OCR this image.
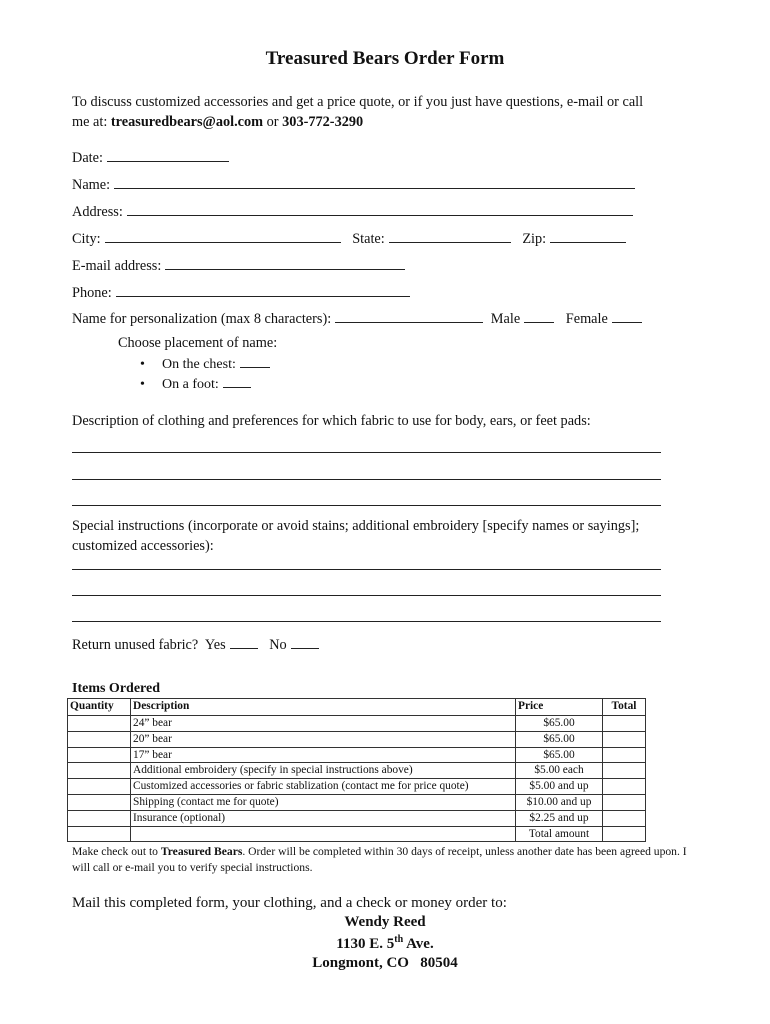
Treasured Bears Order Form
To discuss customized accessories and get a price quote, or if you just have questions, e-mail or call
me at: treasuredbears@aol.com or 303-772-3290
Date:
Name:
Address:
City:	State:	Zip:
E-mail address:
Phone:
Name for personalization (max 8 characters):	Male	Female
Choose placement of name:
• On the chest:
• On a foot:
Description of clothing and preferences for which fabric to use for body, ears, or feet pads:
Special instructions (incorporate or avoid stains; additional embroidery [specify names or sayings];
customized accessories):
Return unused fabric? Yes	No
Items Ordered
Quantity	Description	Price	Total
	24” bear	$65.00	
	20” bear	$65.00	
	17” bear	$65.00	
	Additional embroidery (specify in special instructions above)	$5.00 each	
	Customized accessories or fabric stablization (contact me for price quote)	$5.00 and up	
	Shipping (contact me for quote)	$10.00 and up	
	Insurance (optional)	$2.25 and up	
		Total amount	
Make check out to Treasured Bears. Order will be completed within 30 days of receipt, unless another date has been agreed upon. I will call or e-mail you to verify special instructions.
Mail this completed form, your clothing, and a check or money order to:
Wendy Reed
1130 E. 5th Ave.
Longmont, CO   80504
